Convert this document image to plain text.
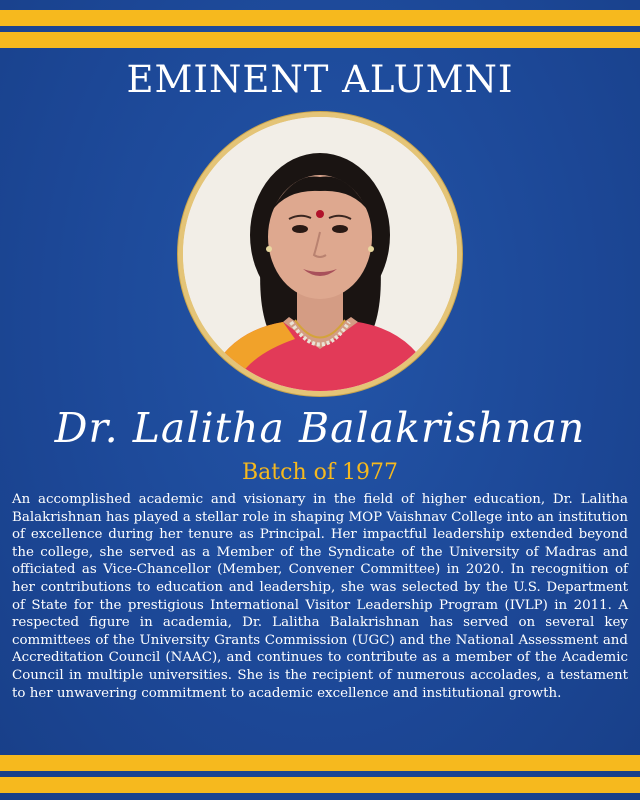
EMINENT ALUMNI
Dr. Lalitha Balakrishnan

Batch of 1977

An accomplished academic and visionary in the field of higher education, Dr. Lalitha Balakrishnan has played a stellar role in shaping MOP Vaishnav College into an institution of excellence during her tenure as Principal. Her impactful leadership extended beyond the college, she served as a Member of the Syndicate of the University of Madras and officiated as Vice-Chancellor (Member, Convener Committee) in 2020. In recognition of her contributions to education and leadership, she was selected by the U.S. Department of State for the prestigious International Visitor Leadership Program (IVLP) in 2011. A respected figure in academia, Dr. Lalitha Balakrishnan has served on several key committees of the University Grants Commission (UGC) and the National Assessment and Accreditation Council (NAAC), and continues to contribute as a member of the Academic Council in multiple universities. She is the recipient of numerous accolades, a testament to her unwavering commitment to academic excellence and institutional growth.
